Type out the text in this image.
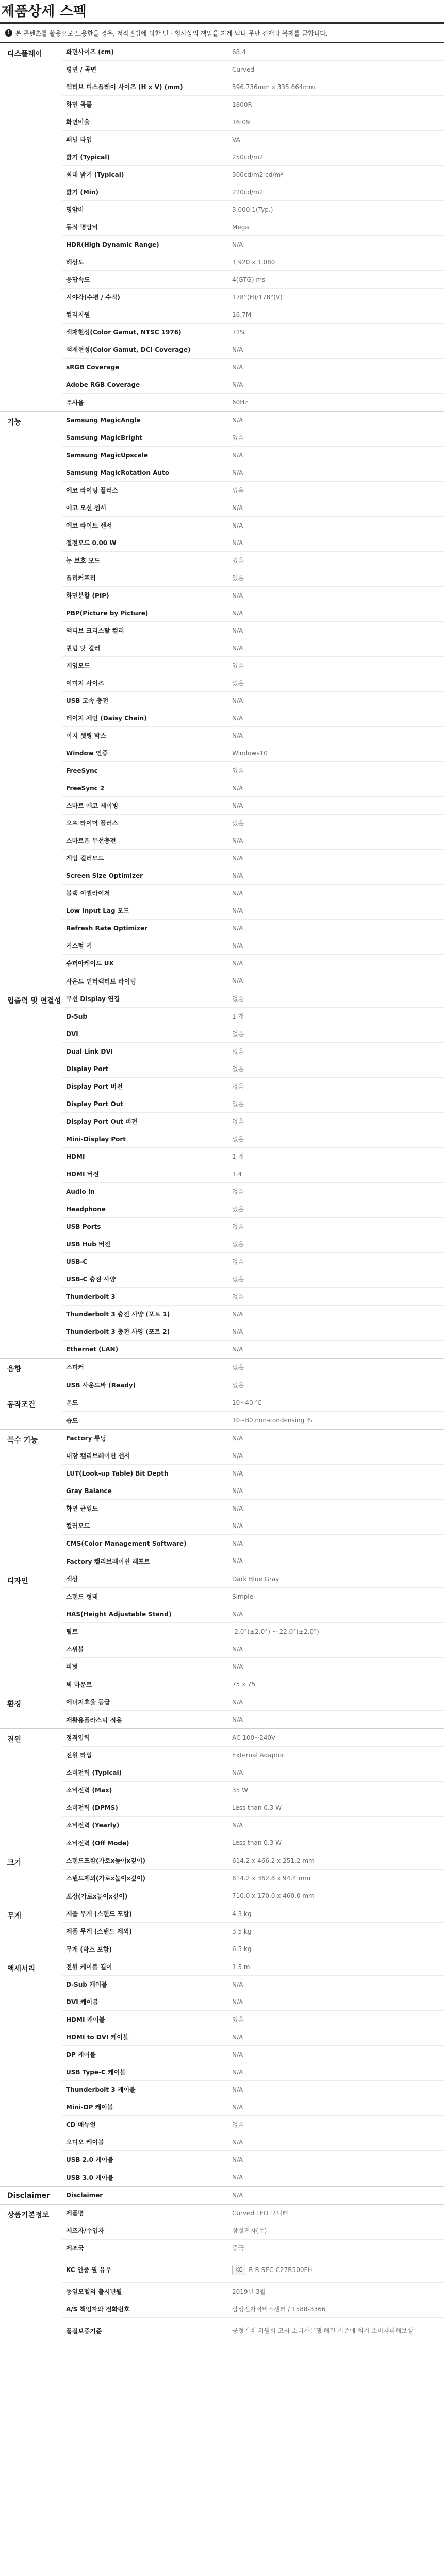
제품상세 스펙
! 본 콘텐츠를 활용으로 도용한을 경우, 저작권법에 의한 민 · 형사상의 책임을 지게 되니 무단 전재와 복제를 금합니다.
디스플레이	화면사이즈 (cm)	68.4
평면 / 곡면	Curved
액티브 디스플레이 사이즈 (H x V) (mm)	596.736mm x 335.664mm
화면 곡률	1800R
화면비율	16:09
패널 타입	VA
밝기 (Typical)	250cd/m2
최대 밝기 (Typical)	300cd/m2 cd/m²
밝기 (Min)	220cd/m2
명암비	3,000:1(Typ.)
동적 명암비	Mega
HDR(High Dynamic Range)	N/A
해상도	1,920 x 1,080
응답속도	4(GTG) ms
시야각(수평 / 수직)	178°(H)/178°(V)
컬러지원	16.7M
색재현성(Color Gamut, NTSC 1976)	72%
색재현성(Color Gamut, DCI Coverage)	N/A
sRGB Coverage	N/A
Adobe RGB Coverage	N/A
주사율	60Hz
기능	Samsung MagicAngle	N/A
Samsung MagicBright	있음
Samsung MagicUpscale	N/A
Samsung MagicRotation Auto	N/A
에코 라이팅 플러스	있음
에코 모션 센서	N/A
에코 라이트 센서	N/A
절전모드 0.00 W	N/A
눈 보호 모드	있음
플리커프리	있음
화면분할 (PIP)	N/A
PBP(Picture by Picture)	N/A
액티브 크리스탈 컬러	N/A
퀀텀 닷 컬러	N/A
게임모드	있음
이미지 사이즈	있음
USB 고속 충전	N/A
데이지 체인 (Daisy Chain)	N/A
이지 셋팅 박스	N/A
Window 인증	Windows10
FreeSync	있음
FreeSync 2	N/A
스마트 에코 세이빙	N/A
오프 타이머 플러스	있음
스마트폰 무선충전	N/A
게임 컬러모드	N/A
Screen Size Optimizer	N/A
블랙 이퀄라이저	N/A
Low Input Lag 모드	N/A
Refresh Rate Optimizer	N/A
커스텀 키	N/A
슈퍼아케이드 UX	N/A
사운드 인터랙티브 라이팅	N/A
입출력 및 연결성 무선 Display 연결	없음
D-Sub	1 개
DVI	없음
Dual Link DVI	없음
Display Port	없음
Display Port 버전	없음
Display Port Out	없음
Display Port Out 버전	없음
Mini-Display Port	없음
HDMI	1 개
HDMI 버전	1.4
Audio In	없음
Headphone	있음
USB Ports	없음
USB Hub 버전	없음
USB-C	없음
USB-C 충전 사양	없음
Thunderbolt 3	없음
Thunderbolt 3 충전 사양 (포트 1)	N/A
Thunderbolt 3 충전 사양 (포트 2)	N/A
Ethernet (LAN)	N/A
음향	스피커	없음
USB 사운드바 (Ready)	없음
동작조건	온도	10~40 ℃
습도	10~80,non-condensing %
특수 기능	Factory 튜닝	N/A
내장 캘리브레이션 센서	N/A
LUT(Look-up Table) Bit Depth	N/A
Gray Balance	N/A
화면 균일도	N/A
컬러모드	N/A
CMS(Color Management Software)	N/A
Factory 캘리브레이션 레포트	N/A
디자인	색상	Dark Blue Gray
스탠드 형태	Simple
HAS(Height Adjustable Stand)	N/A
틸트	-2.0°(±2.0°) ~ 22.0°(±2.0°)
스위블	N/A
피벗	N/A
벽 마운트	75 x 75
환경	에너지효율 등급	N/A
재활용플라스틱 적용	N/A
전원	정격입력	AC 100~240V
전원 타입	External Adaptor
소비전력 (Typical)	N/A
소비전력 (Max)	35 W
소비전력 (DPMS)	Less than 0.3 W
소비전력 (Yearly)	N/A
소비전력 (Off Mode)	Less than 0.3 W
크기	스탠드포함(가로x높이x깊이)	614.2 x 466.2 x 251.2 mm
스탠드제외(가로x높이x깊이)	614.2 x 362.8 x 94.4 mm
포장(가로x높이x깊이)	710.0 x 170.0 x 460.0 mm
무게	제품 무게 (스탠드 포함)	4.3 kg
제품 무게 (스탠드 제외)	3.5 kg
무게 (박스 포함)	6.5 kg
액세서리	전원 케이블 길이	1.5 m
D-Sub 케이블	N/A
DVI 케이블	N/A
HDMI 케이블	있음
HDMI to DVI 케이블	N/A
DP 케이블	N/A
USB Type-C 케이블	N/A
Thunderbolt 3 케이블	N/A
Mini-DP 케이블	N/A
CD 매뉴얼	없음
오디오 케이블	N/A
USB 2.0 케이블	N/A
USB 3.0 케이블	N/A
Disclaimer	Disclaimer	N/A
상품기본정보	제품명	Curved LED 모니터
제조자/수입자	삼성전자(주)
제조국	중국
KC 인증 필 유무	KC	R-R-SEC-C27R500FH
동일모델의 출시년월	2019년 3월
A/S 책임자와 전화번호	삼성전자서비스센터 / 1588-3366
품질보증기준	공정거래 위원회 고시 소비자분쟁 해결 기준에 의거 소비자피해보상
